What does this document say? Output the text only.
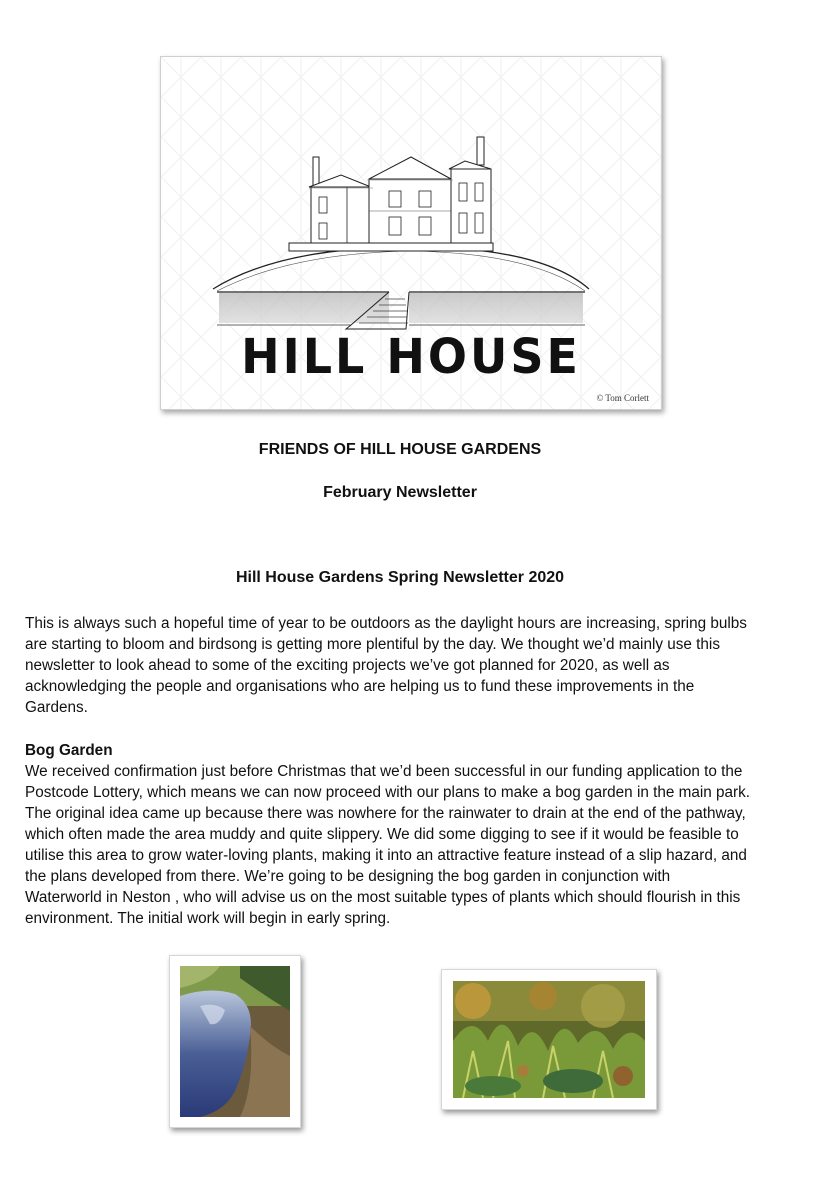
HILL HOUSE
© Tom Corlett
FRIENDS OF HILL HOUSE GARDENS
February Newsletter
Hill House Gardens Spring Newsletter 2020

This is always such a hopeful time of year to be outdoors as the daylight hours are increasing, spring bulbs
are starting to bloom and birdsong is getting more plentiful by the day. We thought we’d mainly use this
newsletter to look ahead to some of the exciting projects we’ve got planned for 2020, as well as
acknowledging the people and organisations who are helping us to fund these improvements in the
Gardens.

Bog Garden

We received confirmation just before Christmas that we’d been successful in our funding application to the
Postcode Lottery, which means we can now proceed with our plans to make a bog garden in the main park.
The original idea came up because there was nowhere for the rainwater to drain at the end of the pathway,
which often made the area muddy and quite slippery. We did some digging to see if it would be feasible to
utilise this area to grow water-loving plants, making it into an attractive feature instead of a slip hazard, and
the plans developed from there. We’re going to be designing the bog garden in conjunction with
Waterworld in Neston , who will advise us on the most suitable types of plants which should flourish in this
environment. The initial work will begin in early spring.
